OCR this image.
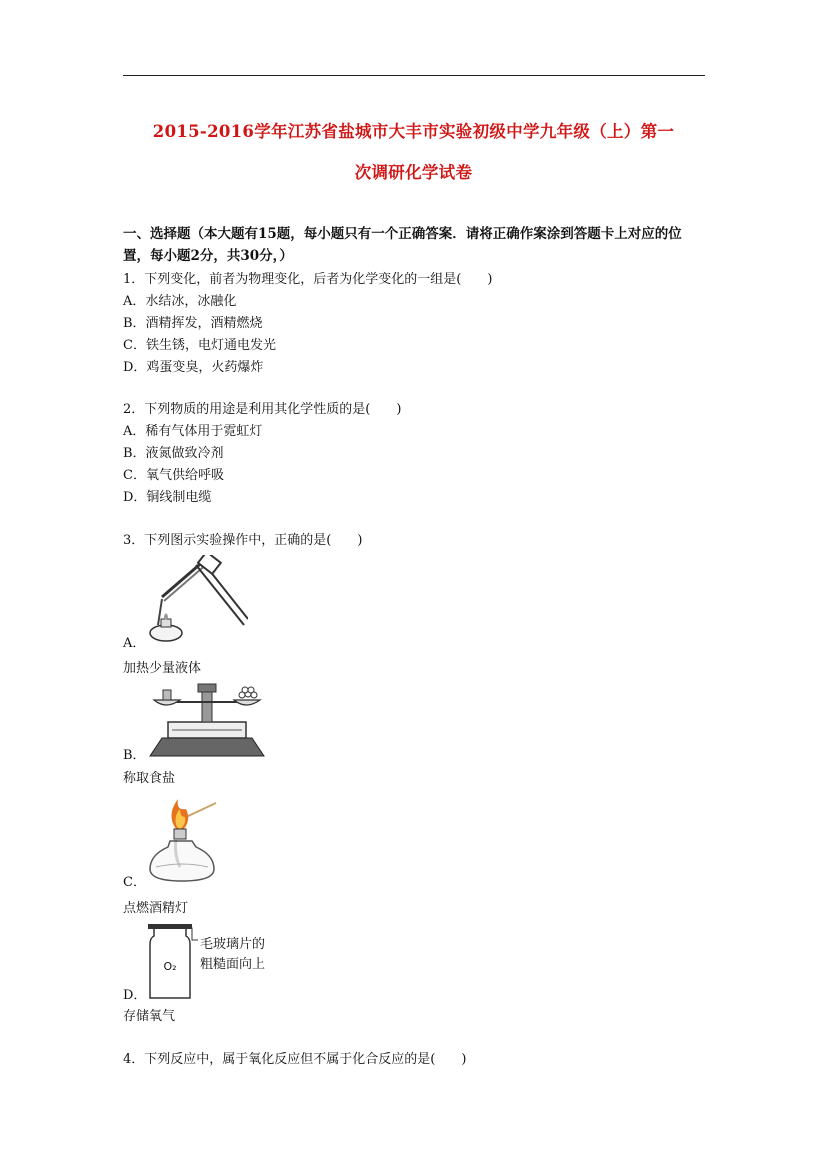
2015-2016学年江苏省盐城市大丰市实验初级中学九年级（上）第一
次调研化学试卷
一、选择题（本大题有15题，每小题只有一个正确答案．请将正确作案涂到答题卡上对应的位置，每小题2分，共30分，）
1．下列变化，前者为物理变化，后者为化学变化的一组是(　　)
A．水结冰，冰融化
B．酒精挥发，酒精燃烧
C．铁生锈，电灯通电发光
D．鸡蛋变臭，火药爆炸
2．下列物质的用途是利用其化学性质的是(　　)
A．稀有气体用于霓虹灯
B．液氮做致冷剂
C．氧气供给呼吸
D．铜线制电缆
3．下列图示实验操作中，正确的是(　　)
A．
加热少量液体
B．
称取食盐
C．
点燃酒精灯
O₂
毛玻璃片的
粗糙面向上
D．
存储氧气
4．下列反应中，属于氧化反应但不属于化合反应的是(　　)
